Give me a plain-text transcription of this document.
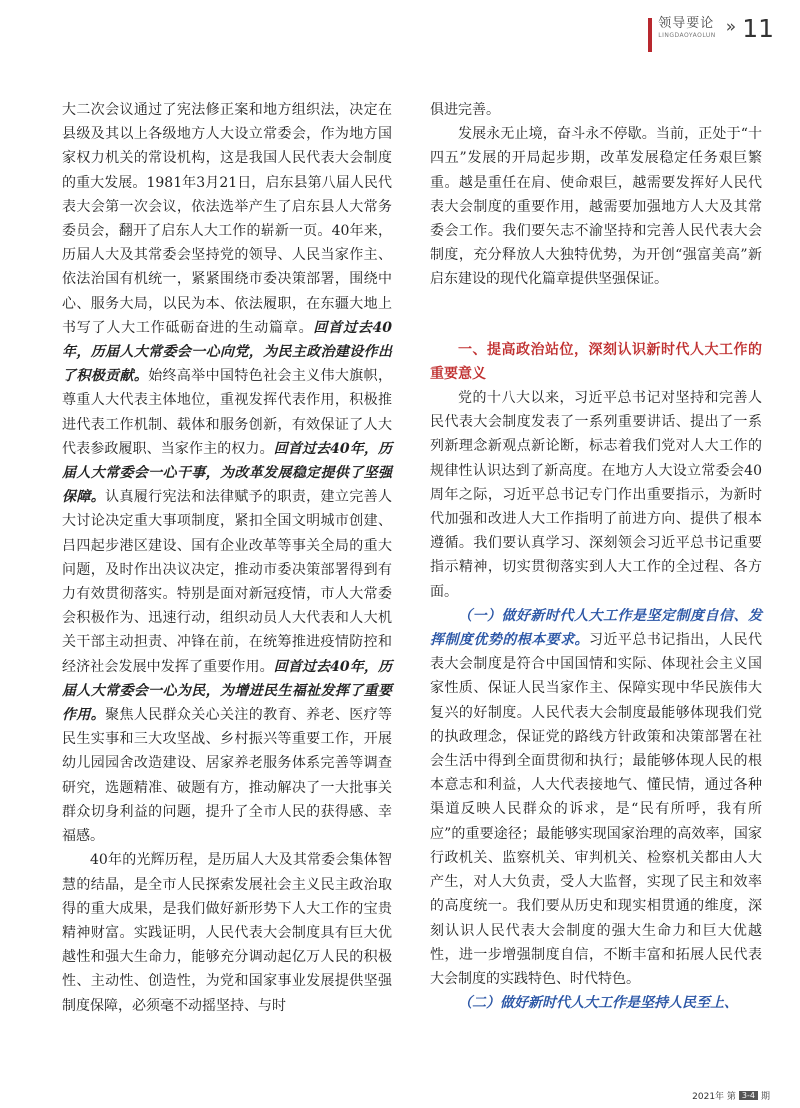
领导要论
LINGDAOYAOLUN » 11

大二次会议通过了宪法修正案和地方组织法，决定在县级及其以上各级地方人大设立常委会，作为地方国家权力机关的常设机构，这是我国人民代表大会制度的重大发展。1981年3月21日，启东县第八届人民代表大会第一次会议，依法选举产生了启东县人大常务委员会，翻开了启东人大工作的崭新一页。40年来，历届人大及其常委会坚持党的领导、人民当家作主、依法治国有机统一，紧紧围绕市委决策部署，围绕中心、服务大局，以民为本、依法履职，在东疆大地上书写了人大工作砥砺奋进的生动篇章。回首过去40年，历届人大常委会一心向党，为民主政治建设作出了积极贡献。始终高举中国特色社会主义伟大旗帜，尊重人大代表主体地位，重视发挥代表作用，积极推进代表工作机制、载体和服务创新，有效保证了人大代表参政履职、当家作主的权力。回首过去40年，历届人大常委会一心干事，为改革发展稳定提供了坚强保障。认真履行宪法和法律赋予的职责，建立完善人大讨论决定重大事项制度，紧扣全国文明城市创建、吕四起步港区建设、国有企业改革等事关全局的重大问题，及时作出决议决定，推动市委决策部署得到有力有效贯彻落实。特别是面对新冠疫情，市人大常委会积极作为、迅速行动，组织动员人大代表和人大机关干部主动担责、冲锋在前，在统筹推进疫情防控和经济社会发展中发挥了重要作用。回首过去40年，历届人大常委会一心为民，为增进民生福祉发挥了重要作用。聚焦人民群众关心关注的教育、养老、医疗等民生实事和三大攻坚战、乡村振兴等重要工作，开展幼儿园园舍改造建设、居家养老服务体系完善等调查研究，选题精准、破题有方，推动解决了一大批事关群众切身利益的问题，提升了全市人民的获得感、幸福感。

40年的光辉历程，是历届人大及其常委会集体智慧的结晶，是全市人民探索发展社会主义民主政治取得的重大成果，是我们做好新形势下人大工作的宝贵精神财富。实践证明，人民代表大会制度具有巨大优越性和强大生命力，能够充分调动起亿万人民的积极性、主动性、创造性，为党和国家事业发展提供坚强制度保障，必须毫不动摇坚持、与时

俱进完善。

发展永无止境，奋斗永不停歇。当前，正处于“十四五”发展的开局起步期，改革发展稳定任务艰巨繁重。越是重任在肩、使命艰巨，越需要发挥好人民代表大会制度的重要作用，越需要加强地方人大及其常委会工作。我们要矢志不渝坚持和完善人民代表大会制度，充分释放人大独特优势，为开创“强富美高”新启东建设的现代化篇章提供坚强保证。

一、提高政治站位，深刻认识新时代人大工作的重要意义

党的十八大以来，习近平总书记对坚持和完善人民代表大会制度发表了一系列重要讲话、提出了一系列新理念新观点新论断，标志着我们党对人大工作的规律性认识达到了新高度。在地方人大设立常委会40周年之际，习近平总书记专门作出重要指示，为新时代加强和改进人大工作指明了前进方向、提供了根本遵循。我们要认真学习、深刻领会习近平总书记重要指示精神，切实贯彻落实到人大工作的全过程、各方面。

（一）做好新时代人大工作是坚定制度自信、发挥制度优势的根本要求。习近平总书记指出，人民代表大会制度是符合中国国情和实际、体现社会主义国家性质、保证人民当家作主、保障实现中华民族伟大复兴的好制度。人民代表大会制度最能够体现我们党的执政理念，保证党的路线方针政策和决策部署在社会生活中得到全面贯彻和执行；最能够体现人民的根本意志和利益，人大代表接地气、懂民情，通过各种渠道反映人民群众的诉求，是“民有所呼，我有所应”的重要途径；最能够实现国家治理的高效率，国家行政机关、监察机关、审判机关、检察机关都由人大产生，对人大负责，受人大监督，实现了民主和效率的高度统一。我们要从历史和现实相贯通的维度，深刻认识人民代表大会制度的强大生命力和巨大优越性，进一步增强制度自信，不断丰富和拓展人民代表大会制度的实践特色、时代特色。

（二）做好新时代人大工作是坚持人民至上、

2021年 第 3-4 期
